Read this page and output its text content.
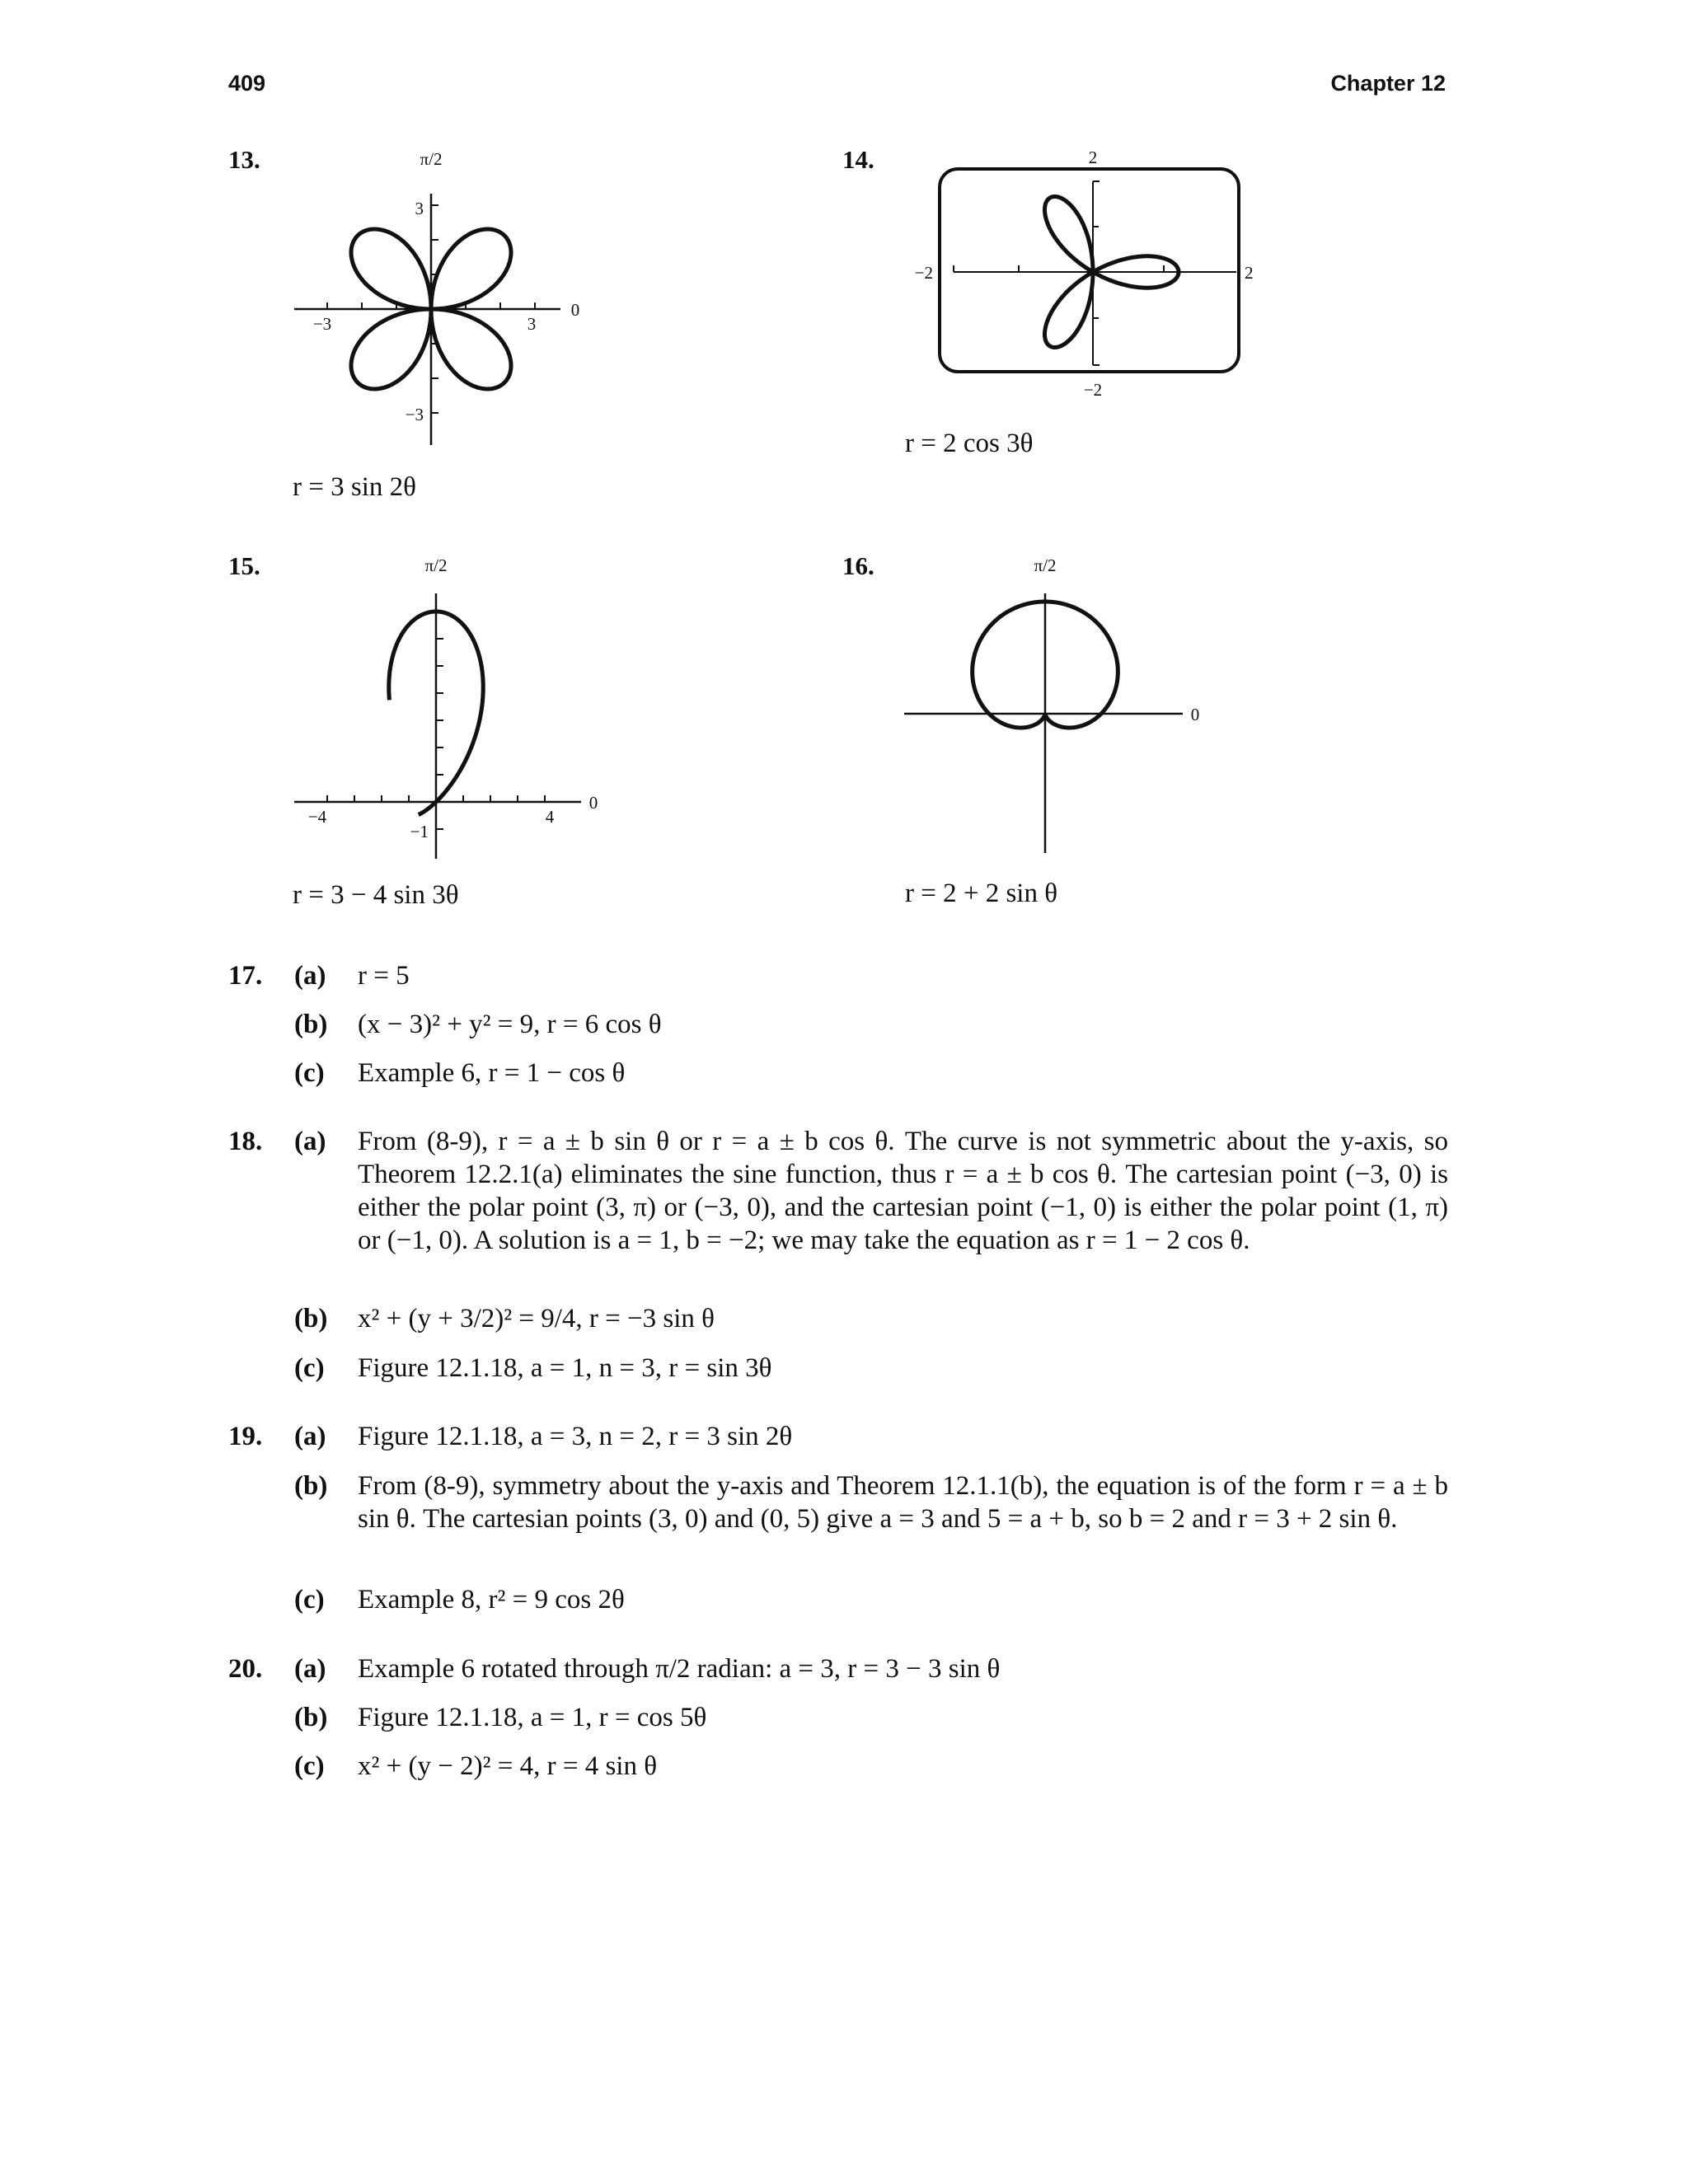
409	Chapter 12
13.	π/2
0
−3	3
3
−3
r = 3 sin 2θ
14.	2
−2
−2	2
r = 2 cos 3θ
15.	π/2
0
−4	4
−1
r = 3 − 4 sin 3θ
16.	π/2
0
r = 2 + 2 sin θ
17. (a) r = 5
(b) (x − 3)² + y² = 9, r = 6 cos θ
(c) Example 6, r = 1 − cos θ
18. (a) From (8-9), r = a ± b sin θ or r = a ± b cos θ. The curve is not symmetric about the y-axis, so Theorem 12.2.1(a) eliminates the sine function, thus r = a ± b cos θ. The cartesian point (−3, 0) is either the polar point (3, π) or (−3, 0), and the cartesian point (−1, 0) is either the polar point (1, π) or (−1, 0). A solution is a = 1, b = −2; we may take the equation as r = 1 − 2 cos θ.
(b) x² + (y + 3/2)² = 9/4, r = −3 sin θ
(c) Figure 12.1.18, a = 1, n = 3, r = sin 3θ
19. (a) Figure 12.1.18, a = 3, n = 2, r = 3 sin 2θ
(b) From (8-9), symmetry about the y-axis and Theorem 12.1.1(b), the equation is of the form r = a ± b sin θ. The cartesian points (3, 0) and (0, 5) give a = 3 and 5 = a + b, so b = 2 and r = 3 + 2 sin θ.
(c) Example 8, r² = 9 cos 2θ
20. (a) Example 6 rotated through π/2 radian: a = 3, r = 3 − 3 sin θ
(b) Figure 12.1.18, a = 1, r = cos 5θ
(c) x² + (y − 2)² = 4, r = 4 sin θ
